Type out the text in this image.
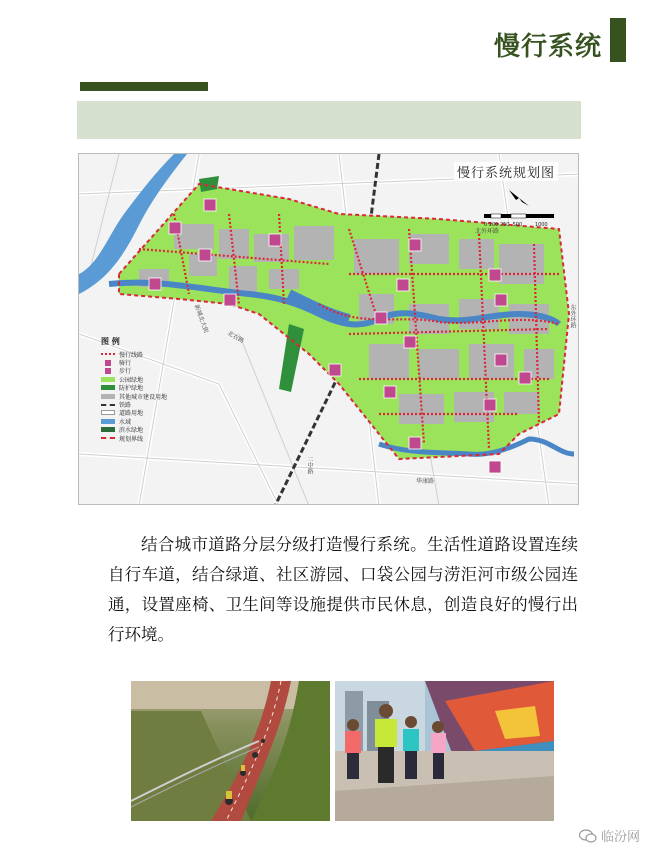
慢行系统
慢行系统规划图
图 例
慢行线路
骑行
步行
公园绿地
防护绿地
其他城市建设用地
铁路
道路用地
水域
滨水绿地
规划界线
0 100 250  500        1000
北外环路
二中路
华康路
新城北大街
北农路
东外环路

结合城市道路分层分级打造慢行系统。生活性道路设置连续自行车道，结合绿道、社区游园、口袋公园与涝洰河市级公园连通，设置座椅、卫生间等设施提供市民休息，创造良好的慢行出行环境。

临汾网
